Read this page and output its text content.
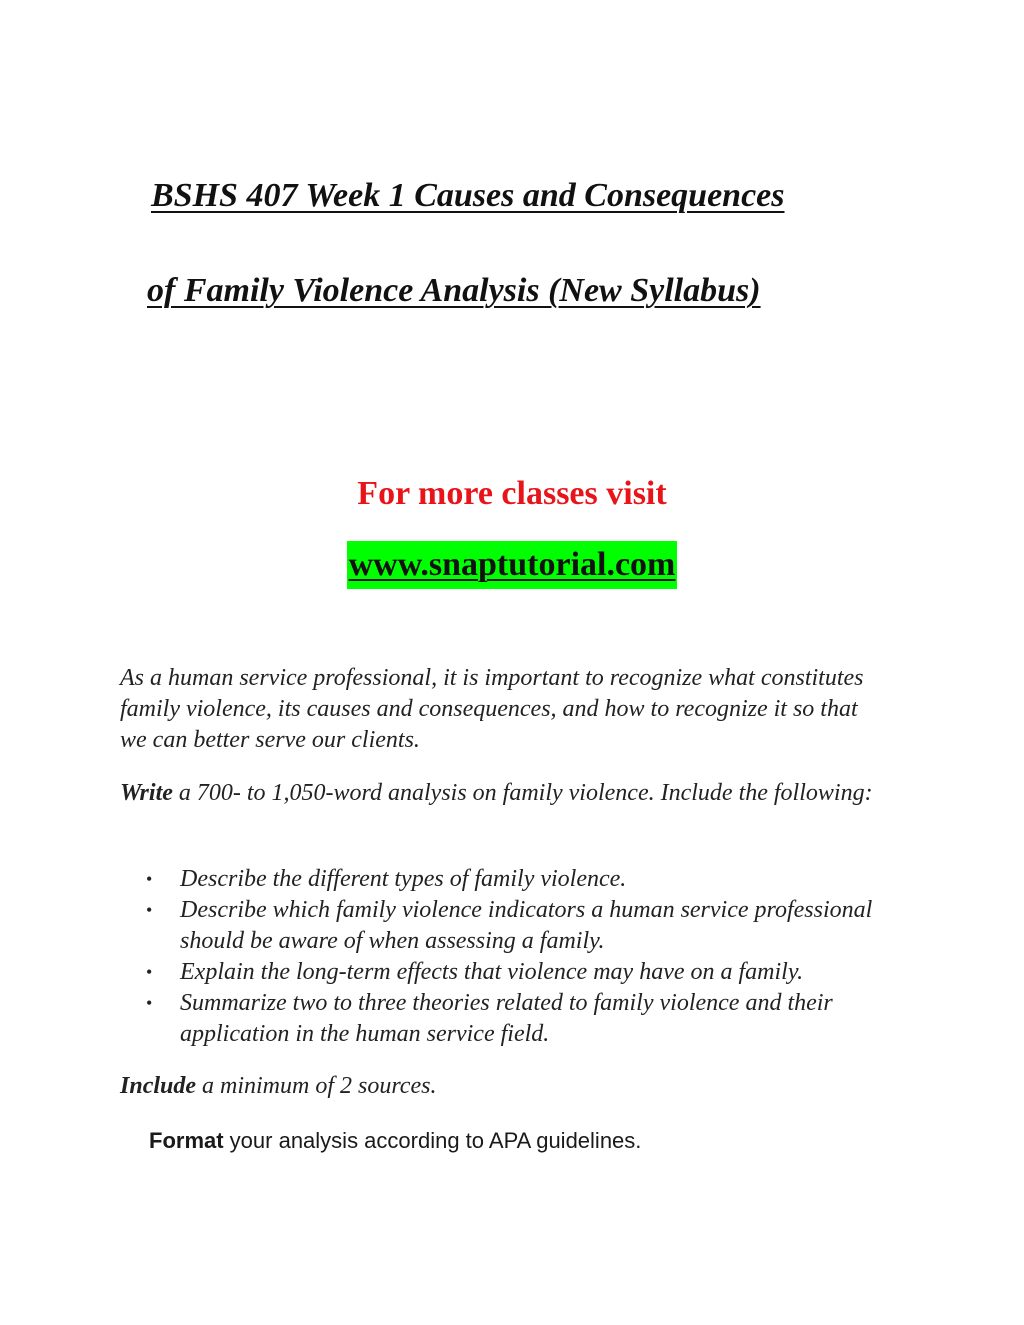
BSHS 407 Week 1 Causes and Consequences
of Family Violence Analysis (New Syllabus)
For more classes visit
www.snaptutorial.com
As a human service professional, it is important to recognize what constitutes family violence, its causes and consequences, and how to recognize it so that we can better serve our clients.
Write a 700- to 1,050-word analysis on family violence. Include the following:
• Describe the different types of family violence.
• Describe which family violence indicators a human service professional should be aware of when assessing a family.
• Explain the long-term effects that violence may have on a family.
• Summarize two to three theories related to family violence and their application in the human service field.
Include a minimum of 2 sources.
Format your analysis according to APA guidelines.
